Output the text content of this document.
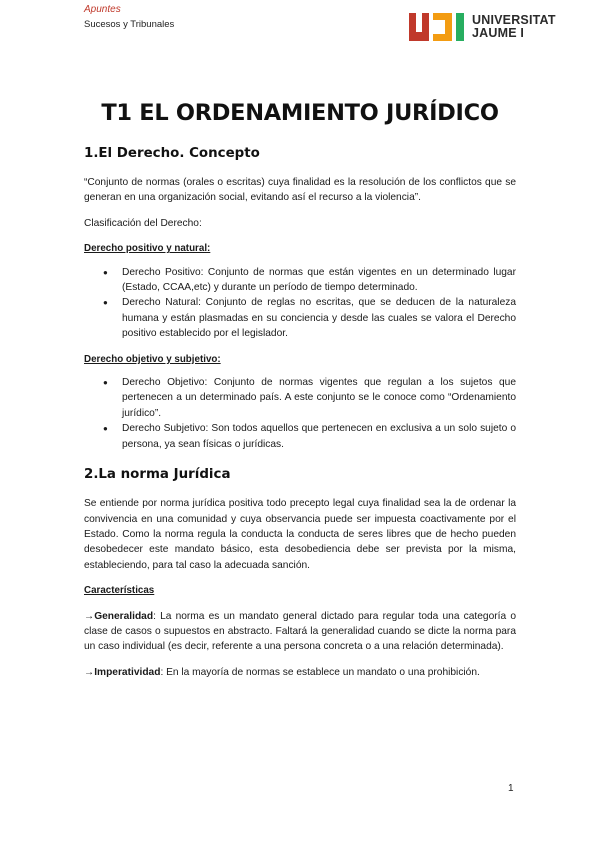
Apuntes
Sucesos y Tribunales	UNIVERSITAT
JAUME I
T1 EL ORDENAMIENTO JURÍDICO
1.El Derecho. Concepto

“Conjunto de normas (orales o escritas) cuya finalidad es la resolución de los conflictos que se generan en una organización social, evitando así el recurso a la violencia”.

Clasificación del Derecho:

Derecho positivo y natural:

● Derecho Positivo: Conjunto de normas que están vigentes en un determinado lugar (Estado, CCAA,etc) y durante un período de tiempo determinado.
● Derecho Natural: Conjunto de reglas no escritas, que se deducen de la naturaleza humana y están plasmadas en su conciencia y desde las cuales se valora el Derecho positivo establecido por el legislador.

Derecho objetivo y subjetivo:

● Derecho Objetivo: Conjunto de normas vigentes que regulan a los sujetos que pertenecen a un determinado país. A este conjunto se le conoce como “Ordenamiento jurídico”.
● Derecho Subjetivo: Son todos aquellos que pertenecen en exclusiva a un solo sujeto o persona, ya sean físicas o jurídicas.
2.La norma Jurídica

Se entiende por norma jurídica positiva todo precepto legal cuya finalidad sea la de ordenar la convivencia en una comunidad y cuya observancia puede ser impuesta coactivamente por el Estado. Como la norma regula la conducta la conducta de seres libres que de hecho pueden desobedecer este mandato básico, esta desobediencia debe ser prevista por la misma, estableciendo, para tal caso la adecuada sanción.

Características

→Generalidad: La norma es un mandato general dictado para regular toda una categoría o clase de casos o supuestos en abstracto. Faltará la generalidad cuando se dicte la norma para un caso individual (es decir, referente a una persona concreta o a una relación determinada).

→Imperatividad: En la mayoría de normas se establece un mandato o una prohibición.

1
